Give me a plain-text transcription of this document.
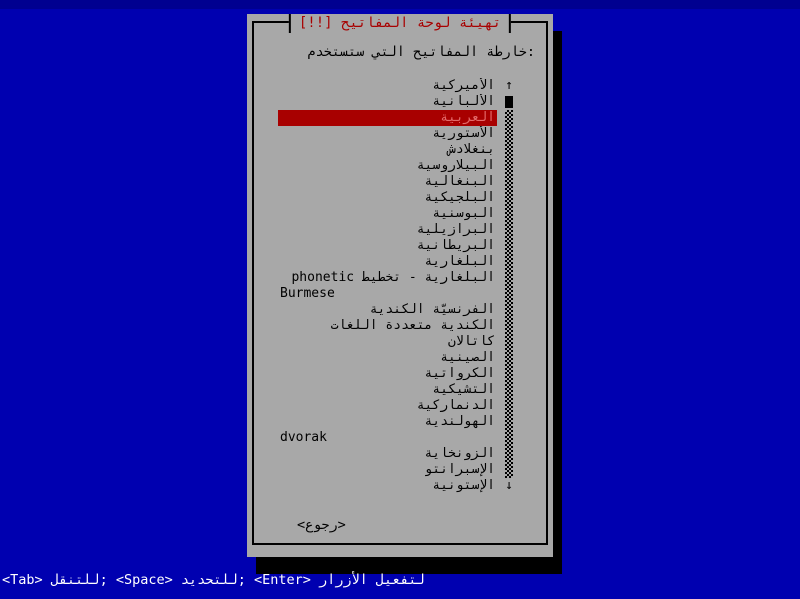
[!!] تهيئة لوحة المفاتيح
خارطة المفاتيح التي ستستخدم:
الأميركية
الألبانية
العربية
الأستورية
بنغلادش
البيلاروسية
البنغالية
البلجيكية
البوسنية
البرازيلية
البريطانية
البلغارية
البلغارية - تخطيط phonetic
Burmese
الفرنسيّة الكندية
الكندية متعددة اللغات
كاتالان
الصينية
الكرواتية
التشيكية
الدنماركية
الهولندية
dvorak
الزونخاية
الإسبرانتو
الإستونية
↑
↓
<رجوع>
<Tab> للتنقل; <Space> للتحديد; <Enter> لتفعيل الأزرار
